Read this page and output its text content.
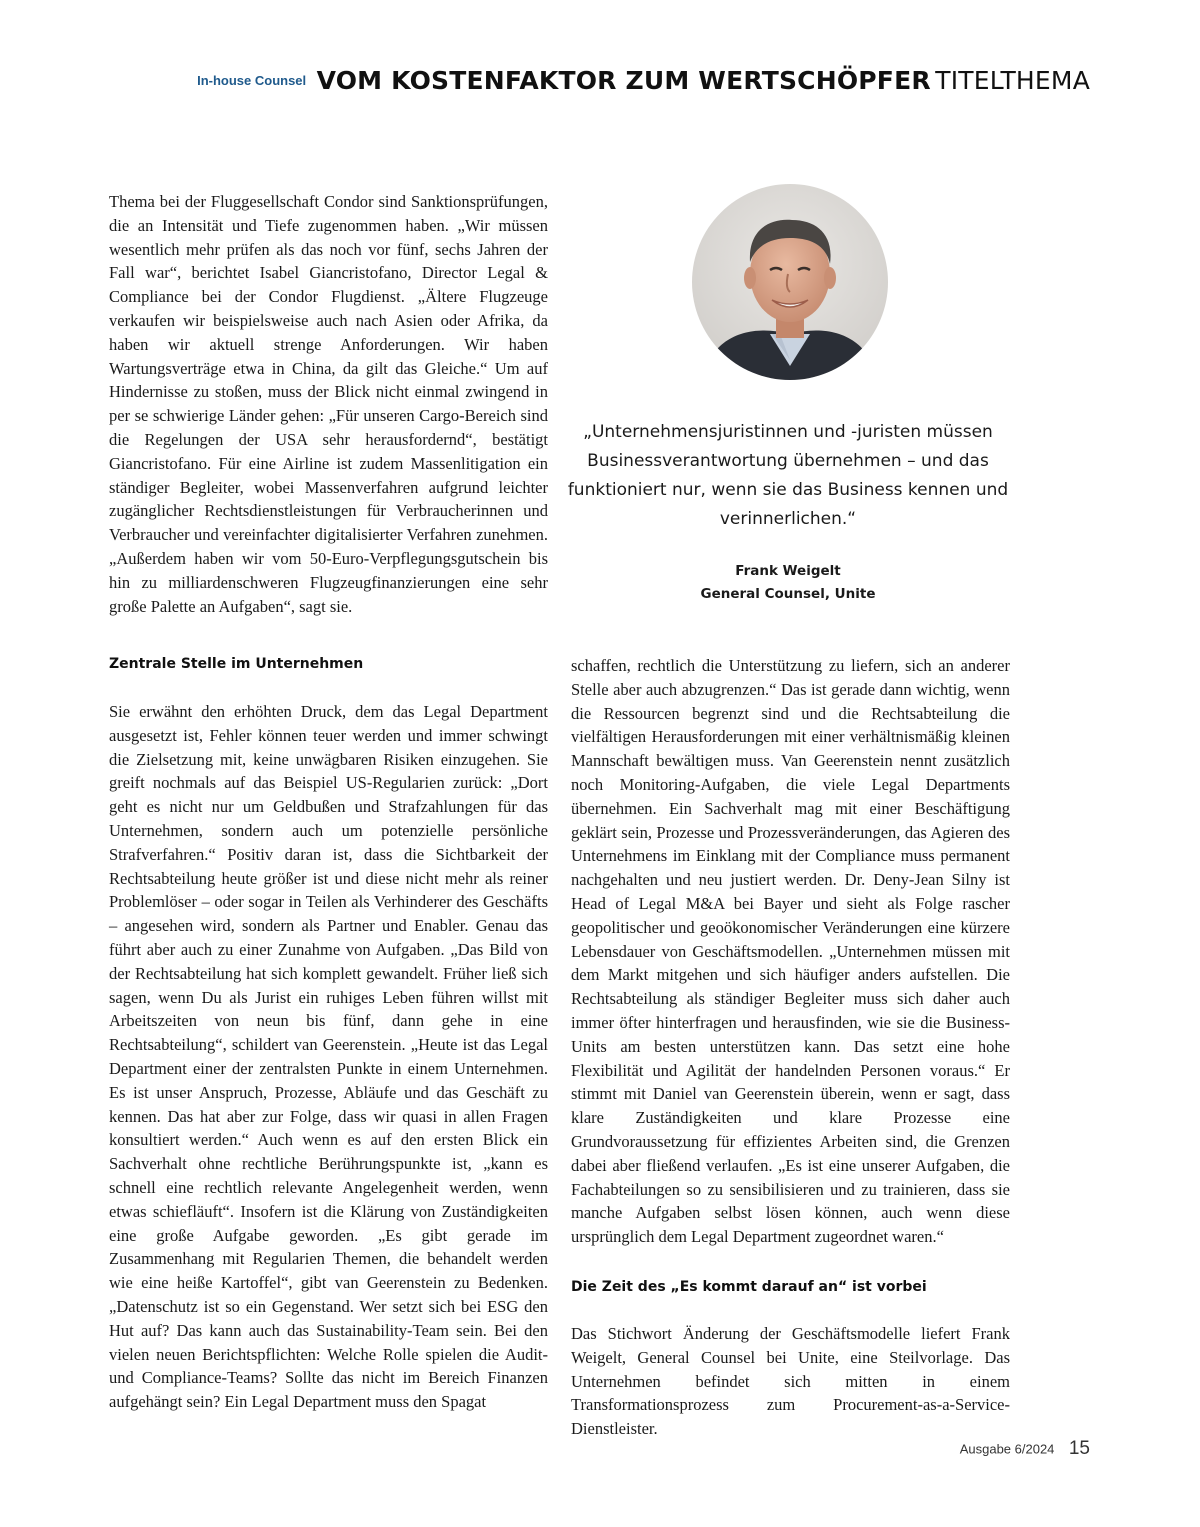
In-house Counsel VOM KOSTENFAKTOR ZUM WERTSCHÖPFER TITELTHEMA

Thema bei der Fluggesellschaft Condor sind Sanktionsprüfungen, die an Intensität und Tiefe zugenommen haben. „Wir müssen wesentlich mehr prüfen als das noch vor fünf, sechs Jahren der Fall war“, berichtet Isabel Giancristofano, Director Legal & Compliance bei der Condor Flugdienst. „Ältere Flugzeuge verkaufen wir beispielsweise auch nach Asien oder Afrika, da haben wir aktuell strenge Anforderungen. Wir haben Wartungsverträge etwa in China, da gilt das Gleiche.“ Um auf Hindernisse zu stoßen, muss der Blick nicht einmal zwingend in per se schwierige Länder gehen: „Für unseren Cargo-Bereich sind die Regelungen der USA sehr herausfordernd“, bestätigt Giancristofano. Für eine Airline ist zudem Massenlitigation ein ständiger Begleiter, wobei Massenverfahren aufgrund leichter zugänglicher Rechtsdienstleistungen für Verbraucherinnen und Verbraucher und vereinfachter digitalisierter Verfahren zunehmen. „Außerdem haben wir vom 50-Euro-Verpflegungsgutschein bis hin zu milliardenschweren Flugzeugfinanzierungen eine sehr große Palette an Aufgaben“, sagt sie.

„Unternehmensjuristinnen und -juristen müssen Businessverantwortung übernehmen – und das funktioniert nur, wenn sie das Business kennen und verinnerlichen.“

Frank Weigelt
General Counsel, Unite
Zentrale Stelle im Unternehmen

Sie erwähnt den erhöhten Druck, dem das Legal Department ausgesetzt ist, Fehler können teuer werden und immer schwingt die Zielsetzung mit, keine unwägbaren Risiken einzugehen. Sie greift nochmals auf das Beispiel US-Regularien zurück: „Dort geht es nicht nur um Geldbußen und Strafzahlungen für das Unternehmen, sondern auch um potenzielle persönliche Strafverfahren.“ Positiv daran ist, dass die Sichtbarkeit der Rechtsabteilung heute größer ist und diese nicht mehr als reiner Problemlöser – oder sogar in Teilen als Verhinderer des Geschäfts – angesehen wird, sondern als Partner und Enabler. Genau das führt aber auch zu einer Zunahme von Aufgaben. „Das Bild von der Rechtsabteilung hat sich komplett gewandelt. Früher ließ sich sagen, wenn Du als Jurist ein ruhiges Leben führen willst mit Arbeitszeiten von neun bis fünf, dann gehe in eine Rechtsabteilung“, schildert van Geerenstein. „Heute ist das Legal Department einer der zentralsten Punkte in einem Unternehmen. Es ist unser Anspruch, Prozesse, Abläufe und das Geschäft zu kennen. Das hat aber zur Folge, dass wir quasi in allen Fragen konsultiert werden.“ Auch wenn es auf den ersten Blick ein Sachverhalt ohne rechtliche Berührungspunkte ist, „kann es schnell eine rechtlich relevante Angelegenheit werden, wenn etwas schiefläuft“. Insofern ist die Klärung von Zuständigkeiten eine große Aufgabe geworden. „Es gibt gerade im Zusammenhang mit Regularien Themen, die behandelt werden wie eine heiße Kartoffel“, gibt van Geerenstein zu Bedenken. „Datenschutz ist so ein Gegenstand. Wer setzt sich bei ESG den Hut auf? Das kann auch das Sustainability-Team sein. Bei den vielen neuen Berichtspflichten: Welche Rolle spielen die Audit- und Compliance-Teams? Sollte das nicht im Bereich Finanzen aufgehängt sein? Ein Legal Department muss den Spagat

schaffen, rechtlich die Unterstützung zu liefern, sich an anderer Stelle aber auch abzugrenzen.“ Das ist gerade dann wichtig, wenn die Ressourcen begrenzt sind und die Rechtsabteilung die vielfältigen Herausforderungen mit einer verhältnismäßig kleinen Mannschaft bewältigen muss. Van Geerenstein nennt zusätzlich noch Monitoring-Aufgaben, die viele Legal Departments übernehmen. Ein Sachverhalt mag mit einer Beschäftigung geklärt sein, Prozesse und Prozessveränderungen, das Agieren des Unternehmens im Einklang mit der Compliance muss permanent nachgehalten und neu justiert werden. Dr. Deny-Jean Silny ist Head of Legal M&A bei Bayer und sieht als Folge rascher geopolitischer und geoökonomischer Veränderungen eine kürzere Lebensdauer von Geschäftsmodellen. „Unternehmen müssen mit dem Markt mitgehen und sich häufiger anders aufstellen. Die Rechtsabteilung als ständiger Begleiter muss sich daher auch immer öfter hinterfragen und herausfinden, wie sie die Business-Units am besten unterstützen kann. Das setzt eine hohe Flexibilität und Agilität der handelnden Personen voraus.“ Er stimmt mit Daniel van Geerenstein überein, wenn er sagt, dass klare Zuständigkeiten und klare Prozesse eine Grundvoraussetzung für effizientes Arbeiten sind, die Grenzen dabei aber fließend verlaufen. „Es ist eine unserer Aufgaben, die Fachabteilungen so zu sensibilisieren und zu trainieren, dass sie manche Aufgaben selbst lösen können, auch wenn diese ursprünglich dem Legal Department zugeordnet waren.“

Die Zeit des „Es kommt darauf an“ ist vorbei

Das Stichwort Änderung der Geschäftsmodelle liefert Frank Weigelt, General Counsel bei Unite, eine Steilvorlage. Das Unternehmen befindet sich mitten in einem Transformationsprozess zum Procurement-as-a-Service-Dienstleister.

Ausgabe 6/2024 15
